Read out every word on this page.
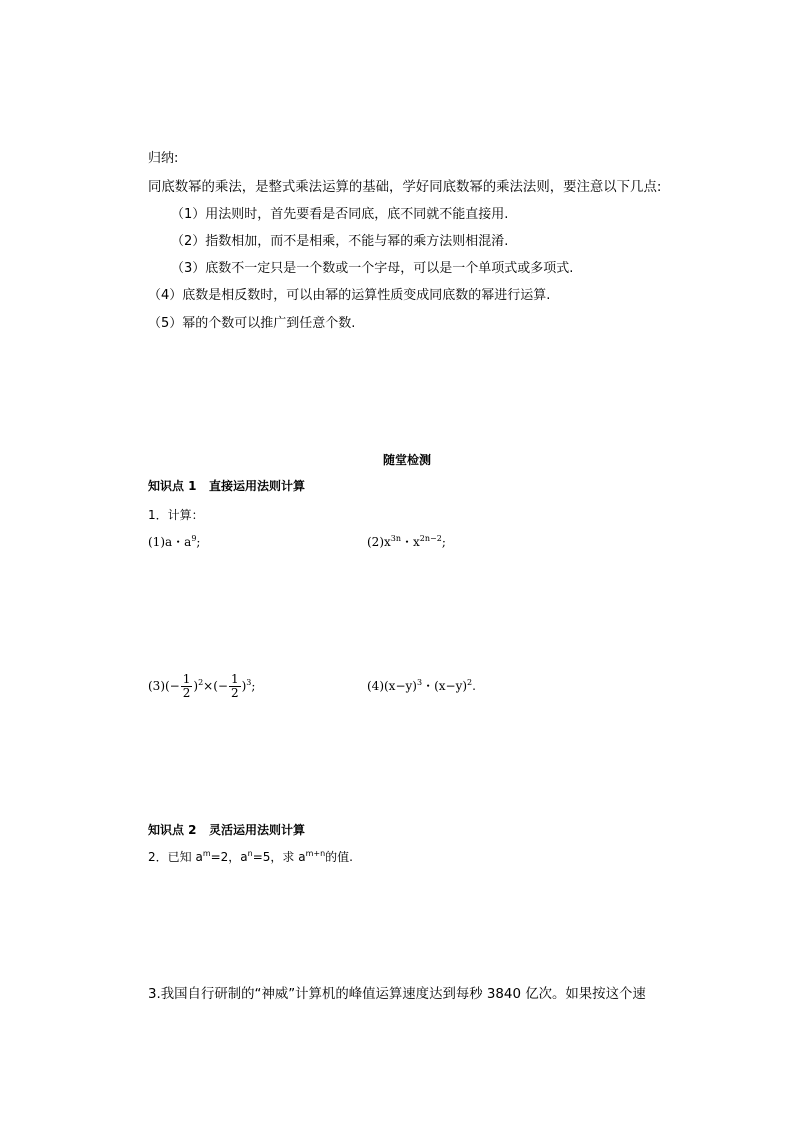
归纳:
同底数幂的乘法，是整式乘法运算的基础，学好同底数幂的乘法法则，要注意以下几点:
（1）用法则时，首先要看是否同底，底不同就不能直接用.
（2）指数相加，而不是相乘，不能与幂的乘方法则相混淆.
（3）底数不一定只是一个数或一个字母，可以是一个单项式或多项式.
（4）底数是相反数时，可以由幂的运算性质变成同底数的幂进行运算.
（5）幂的个数可以推广到任意个数.
随堂检测
知识点 1   直接运用法则计算
1．计算：
(1)a・$a^9$;	$(2)x^{3n}$・$x^{2n-2}$;
$(3)(- \frac{1}{2} )^2\times(- \frac{1}{2} )^3$;	$(4)(x-y)^3$・$(x-y)^2$.
知识点 2   灵活运用法则计算
2．已知 $a^m=2$，$a^n=5$，求 $a^{m+n}$的值.
3.我国自行研制的“神威”计算机的峰值运算速度达到每秒 3840 亿次。如果按这个速
